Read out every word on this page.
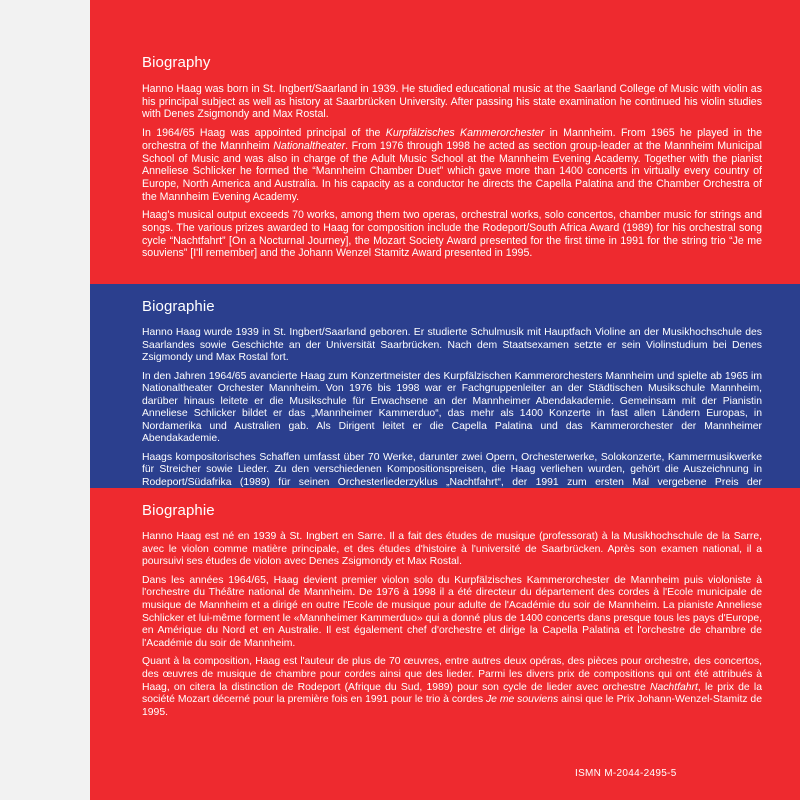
Biography

Hanno Haag was born in St. Ingbert/Saarland in 1939. He studied educational music at the Saarland College of Music with violin as his principal subject as well as history at Saarbrücken University. After passing his state examination he continued his violin studies with Denes Zsigmondy and Max Rostal.

In 1964/65 Haag was appointed principal of the Kurpfälzisches Kammerorchester in Mannheim. From 1965 he played in the orchestra of the Mannheim Nationaltheater. From 1976 through 1998 he acted as section group-leader at the Mannheim Municipal School of Music and was also in charge of the Adult Music School at the Mannheim Evening Academy. Together with the pianist Anneliese Schlicker he formed the “Mannheim Chamber Duet” which gave more than 1400 concerts in virtually every country of Europe, North America and Australia. In his capacity as a conductor he directs the Capella Palatina and the Chamber Orchestra of the Mannheim Evening Academy.

Haag's musical output exceeds 70 works, among them two operas, orchestral works, solo concertos, chamber music for strings and songs. The various prizes awarded to Haag for composition include the Rodeport/South Africa Award (1989) for his orchestral song cycle “Nachtfahrt” [On a Nocturnal Journey], the Mozart Society Award presented for the first time in 1991 for the string trio “Je me souviens” [I'll remember] and the Johann Wenzel Stamitz Award presented in 1995.

Biographie

Hanno Haag wurde 1939 in St. Ingbert/Saarland geboren. Er studierte Schulmusik mit Hauptfach Violine an der Musikhochschule des Saarlandes sowie Geschichte an der Universität Saarbrücken. Nach dem Staatsexamen setzte er sein Violinstudium bei Denes Zsigmondy und Max Rostal fort.

In den Jahren 1964/65 avancierte Haag zum Konzertmeister des Kurpfälzischen Kammerorchesters Mannheim und spielte ab 1965 im Nationaltheater Orchester Mannheim. Von 1976 bis 1998 war er Fachgruppenleiter an der Städtischen Musikschule Mannheim, darüber hinaus leitete er die Musikschule für Erwachsene an der Mannheimer Abendakademie. Gemeinsam mit der Pianistin Anneliese Schlicker bildet er das „Mannheimer Kammerduo“, das mehr als 1400 Konzerte in fast allen Ländern Europas, in Nordamerika und Australien gab. Als Dirigent leitet er die Capella Palatina und das Kammerorchester der Mannheimer Abendakademie.

Haags kompositorisches Schaffen umfasst über 70 Werke, darunter zwei Opern, Orchesterwerke, Solokonzerte, Kammermusikwerke für Streicher sowie Lieder. Zu den verschiedenen Kompositionspreisen, die Haag verliehen wurden, gehört die Auszeichnung in Rodeport/Südafrika (1989) für seinen Orchesterliederzyklus „Nachtfahrt“, der 1991 zum ersten Mal vergebene Preis der

Biographie

Hanno Haag est né en 1939 à St. Ingbert en Sarre. Il a fait des études de musique (professorat) à la Musikhochschule de la Sarre, avec le violon comme matière principale, et des études d'histoire à l'université de Saarbrücken. Après son examen national, il a poursuivi ses études de violon avec Denes Zsigmondy et Max Rostal.

Dans les années 1964/65, Haag devient premier violon solo du Kurpfälzisches Kammerorchester de Mannheim puis violoniste à l'orchestre du Théâtre national de Mannheim. De 1976 à 1998 il a été directeur du département des cordes à l'Ecole municipale de musique de Mannheim et a dirigé en outre l'Ecole de musique pour adulte de l'Académie du soir de Mannheim. La pianiste Anneliese Schlicker et lui-même forment le «Mannheimer Kammerduo» qui a donné plus de 1400 concerts dans presque tous les pays d'Europe, en Amérique du Nord et en Australie. Il est également chef d'orchestre et dirige la Capella Palatina et l'orchestre de chambre de l'Académie du soir de Mannheim.

Quant à la composition, Haag est l'auteur de plus de 70 œuvres, entre autres deux opéras, des pièces pour orchestre, des concertos, des œuvres de musique de chambre pour cordes ainsi que des lieder. Parmi les divers prix de compositions qui ont été attribués à Haag, on citera la distinction de Rodeport (Afrique du Sud, 1989) pour son cycle de lieder avec orchestre Nachtfahrt, le prix de la société Mozart décerné pour la première fois en 1991 pour le trio à cordes Je me souviens ainsi que le Prix Johann-Wenzel-Stamitz de 1995.

ISMN M-2044-2495-5
